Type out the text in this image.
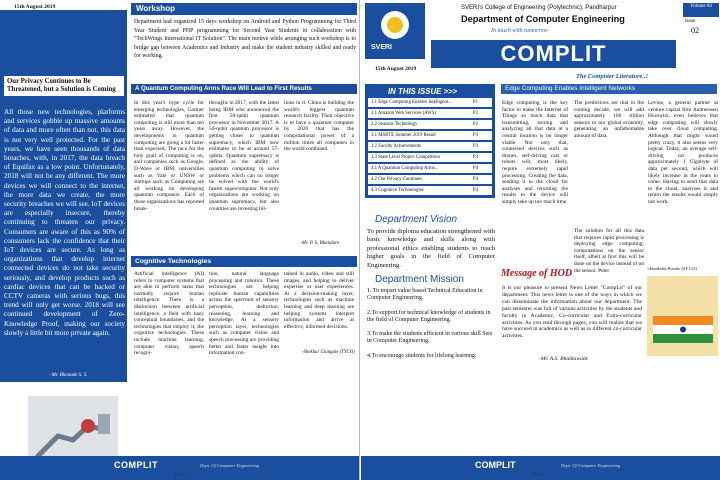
15th August 2019
Our Privacy Continues to Be Threatened, but a Solution is Coming
All those new technologies, platforms and services gobble up massive amounts of data and more often than not, this data is not very well protected. For the past years, we have seen thousands of data breaches, with, in 2017, the data breach of Equifax as a low point. Unfortunately, 2018 will not be any different. The more devices we will connect to the internet, the more data we create, the more security breaches we will see. IoT devices are especially insecure, thereby continuing to threaten our privacy. Consumers are aware of this as 90% of consumers lack the confidence that their IoT devices are secure. As long as organizations that develop internet connected devices do not take security seriously, and develop products such as cardiac devices that can be hacked or CCTV cameras with serious bugs, this trend will only get worse. 2018 will see continued development of Zero-Knowledge Proof, making our society slowly a little bit more private again.
-Mr. Bhonade S. S.
Workshop
Department had organized 15 days workshop on Android and Python Programming for Third Year Student and PHP programming for Second Year Students in collaboration with "TechWings International IT Solution". The main motive while arranging such workshop is to bridge gap between Academics and Industry and make the student industry skilled and ready for working.
A Quantum Computing Arms Race Will Lead to First Results
In this year's hype cycle for emerging technologies, Gartner estimated that quantum computing is still more than ten years away. However, the developments in quantum computing are going a lot faster than expected. The race for the holy grail of computing is on, and companies such as Google, D-Wave or IBM, universities such as Yale or UNSW or startups such as Computing are all working on developing quantum computers. Each of those organizations has reported break-
throughs in 2017, with the latest being IBM who announced the first 50-qubit quantum processor in November 2017. A 50-qubit quantum processor is getting closer to quantum supremacy, which IBM now estimates to be at around 57-qubits. Quantum supremacy is defined as the ability of quantum computing to solve problems which can no longer be solved with the world's fastest supercomputer. Not only organizations are working on quantum supremacy, but also countries are investing bil-
lions in it. China is building the world's biggest quantum research facility. Their objective is to have a quantum computer by 2020 that has the computational power of a million times all computers in the world combined.
-Mr. P. S. Bhandare
Cognitive Technologies
Artificial intelligence (AI) refers to computer systems that are able to perform tasks that normally require human intelligence. There is a distinction between artificial intelligence, a field with hazy conceptual boundaries, and the technologies that employ it, the cognitive technologies. These include machine learning, computer vision, speech recogni-
tion, natural language processing and robotics. These technologies are helping replicate human capabilities across the spectrum of sensory perception, deduction, reasoning, learning and knowledge. At a sensory perception layer, technologies such as computer vision and speech processing are providing better and faster insight into information con-
tained in audio, video and still images, and helping to deliver expertise or user experiences. At a decision-making layer, technologies such as machine learning and deep learning are helping systems interpret information and arrive at effective, informed decisions.
-Shekhar Giangule (TYCO)
COMPLIT	Dept. Of Computer Engineering
Page 4
SVERI
SVERI's College of Engineering (Polytechnic), Pandharpur
Department of Computer Engineering
In touch with tomorrow
COMPLIT
The Computer Literature..!
Volume 04
Issue
02
15th August 2019
IN THIS ISSUE >>>
1.1 Edge Computing Enables Intelligent...	P1
2.1 Amazon Web Services (AWS)	P2
2.2 Seasons Technology	P2
3.1 MSBTE Summer 2019 Result	P3
3.2 Faculty Achievements	P3
3.3 State Level Project Competition	P3
4.1 A Quantum Computing Arms...	P4
4.2 Our Privacy Continues	P4
4.3 Cognitive Technologies	P4
Department Vision
To provide diploma education strengthened with basic knowledge and skills along with professional ethics enabling students to reach higher goals in the field of Computer Engineering.
Department Mission
1. To impart value based Technical Education in Computer Engineering.

2.To support for technical knowledge of students in the field of Computer Engineering.

3.To make the students efficient in various skill Sets in Computer Engineering.

4.To encourage students for lifelong learning.
Edge Computing Enables Intelligent Networks
Edge computing is the key factor to make the Internet of Things so much data that transmitting, storing and analyzing all that data at a central location is no longer viable. Not only that, connected devices such as drones, self-driving cars or robots will, most likely, require extremely rapid processing. Creating the data, sending it to the cloud for analyses and returning the results to the device will simply take up too much time.
The predictions are that in the coming decade, we will add approximately 100 trillion sensors to our global economy, generating an unfathomable amount of data.
The solution for all this data that requires rapid processing is deploying edge computing; computations on the sensor itself, albeit at first this will be done on the device instead of on the sensor. Peter
Levine, a general partner at venture capital firm Andreessen Horowitz, even believes that edge computing will slowly take over cloud computing. Although that might sound pretty crazy, it also seems very logical. Today, an average self-driving car produces approximately 1 Gigabyte of data per second, which will likely increase in the years to come. Having to send that data to the cloud, analyses it and return the results would simply not work.
-Akanksha Puvale (SY CO)
Message of HOD
It is our pleasure to present News Letter "CompLit" of our department. This news letter is one of the ways in which we can disseminate the information about our department. The past semester was full of various activities by the students and faculty in Academic, Co-curricular and Extra-curricular activities. As you read through pages, you will realize that we have succeed in academics as well as in different co-curricular activities.
-Mr. A.S. Bhadlawade
COMPLIT	Dept. Of Computer Engineering
Page 1
